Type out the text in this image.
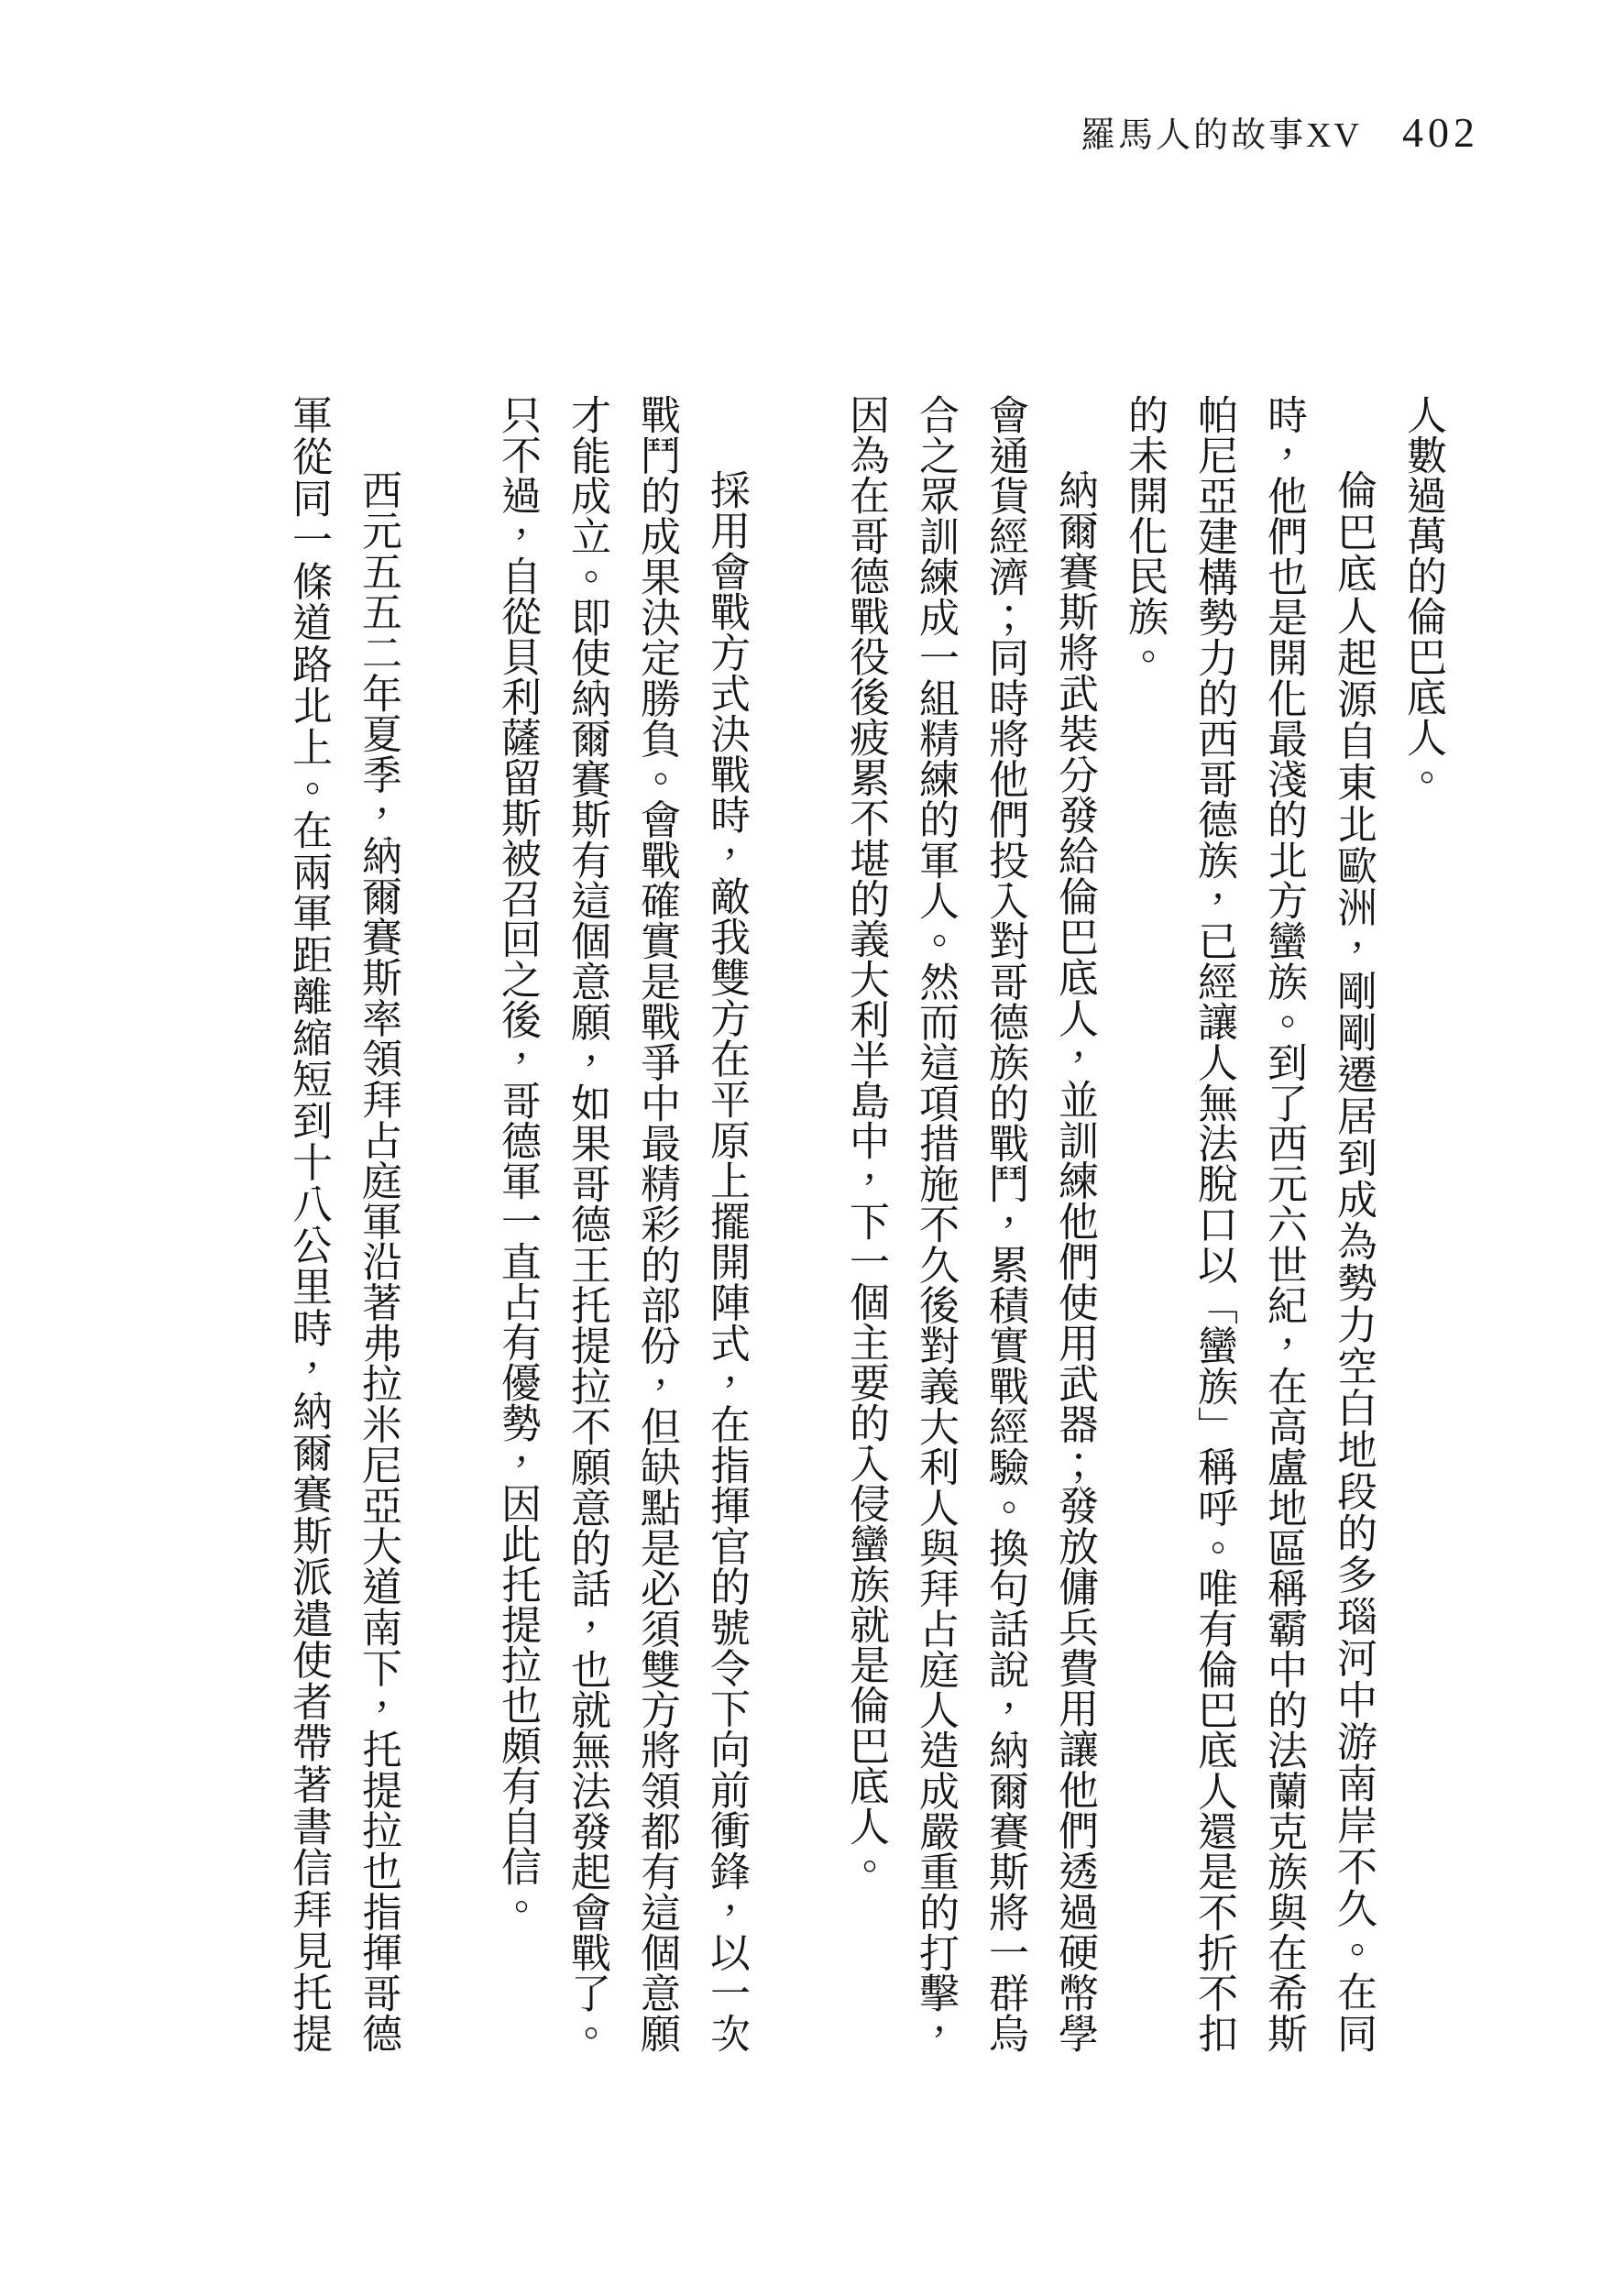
羅馬人的故事XV 402

人數過萬的倫巴底人。

倫巴底人起源自東北歐洲，剛剛遷居到成為勢力空白地段的多瑙河中游南岸不久。在同時，他們也是開化最淺的北方蠻族。到了西元六世紀，在高盧地區稱霸中的法蘭克族與在希斯帕尼亞建構勢力的西哥德族，已經讓人無法脫口以「蠻族」稱呼。唯有倫巴底人還是不折不扣的未開化民族。

納爾賽斯將武裝分發給倫巴底人，並訓練他們使用武器；發放傭兵費用讓他們透過硬幣學會通貨經濟；同時將他們投入對哥德族的戰鬥，累積實戰經驗。換句話說，納爾賽斯將一群烏合之眾訓練成一組精練的軍人。然而這項措施不久後對義大利人與拜占庭人造成嚴重的打擊，因為在哥德戰役後疲累不堪的義大利半島中，下一個主要的入侵蠻族就是倫巴底人。

採用會戰方式決戰時，敵我雙方在平原上擺開陣式，在指揮官的號令下向前衝鋒，以一次戰鬥的成果決定勝負。會戰確實是戰爭中最精彩的部份，但缺點是必須雙方將領都有這個意願才能成立。即使納爾賽斯有這個意願，如果哥德王托提拉不願意的話，也就無法發起會戰了。只不過，自從貝利薩留斯被召回之後，哥德軍一直占有優勢，因此托提拉也頗有自信。

西元五五二年夏季，納爾賽斯率領拜占庭軍沿著弗拉米尼亞大道南下，托提拉也指揮哥德軍從同一條道路北上。在兩軍距離縮短到十八公里時，納爾賽斯派遣使者帶著書信拜見托提
